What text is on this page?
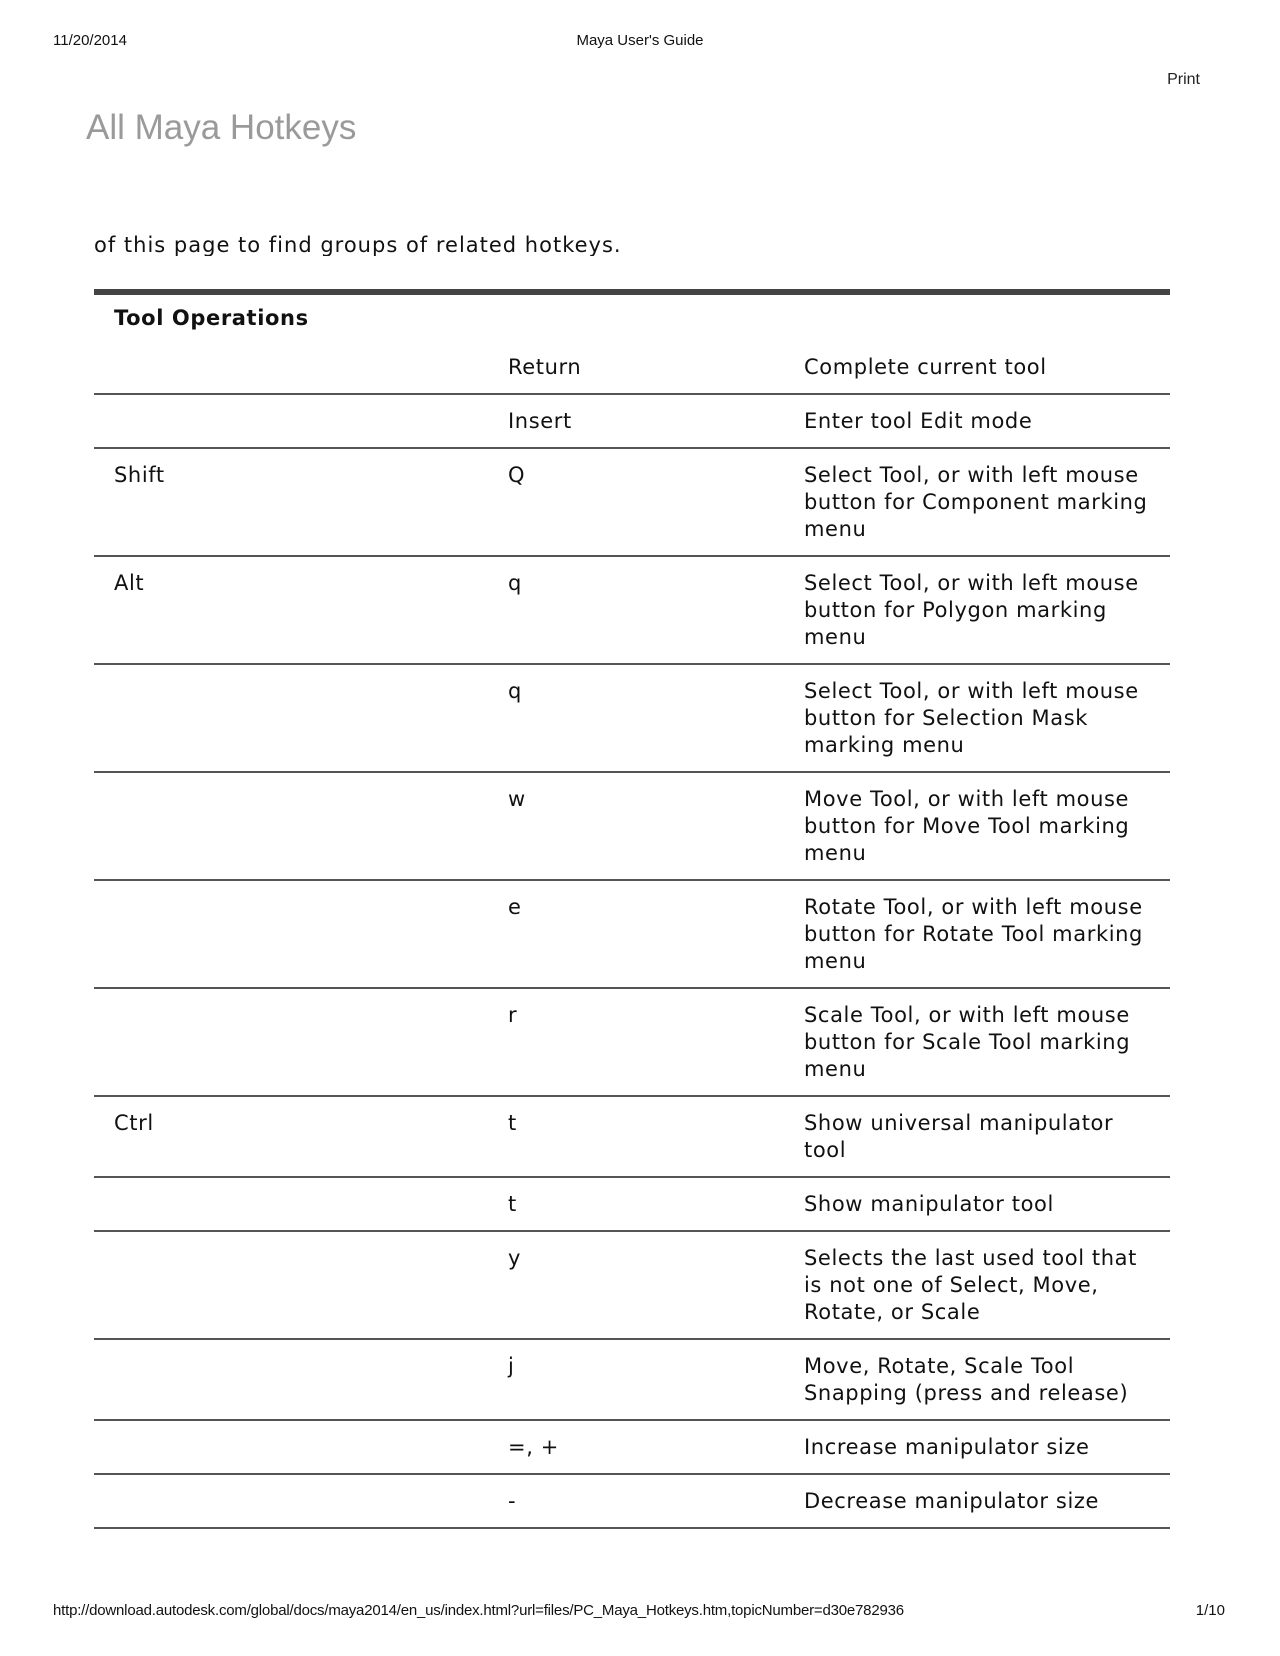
11/20/2014	Maya User's Guide
Print
All Maya Hotkeys
of this page to find groups of related hotkeys.
Tool Operations		
	Return	Complete current tool
	Insert	Enter tool Edit mode
Shift	Q	Select Tool, or with left mouse button for Component marking menu
Alt	q	Select Tool, or with left mouse button for Polygon marking menu
	q	Select Tool, or with left mouse button for Selection Mask marking menu
	w	Move Tool, or with left mouse button for Move Tool marking menu
	e	Rotate Tool, or with left mouse button for Rotate Tool marking menu
	r	Scale Tool, or with left mouse button for Scale Tool marking menu
Ctrl	t	Show universal manipulator tool
	t	Show manipulator tool
	y	Selects the last used tool that is not one of Select, Move, Rotate, or Scale
	j	Move, Rotate, Scale Tool Snapping (press and release)
	=, +	Increase manipulator size
	-	Decrease manipulator size
http://download.autodesk.com/global/docs/maya2014/en_us/index.html?url=files/PC_Maya_Hotkeys.htm,topicNumber=d30e782936	1/10
